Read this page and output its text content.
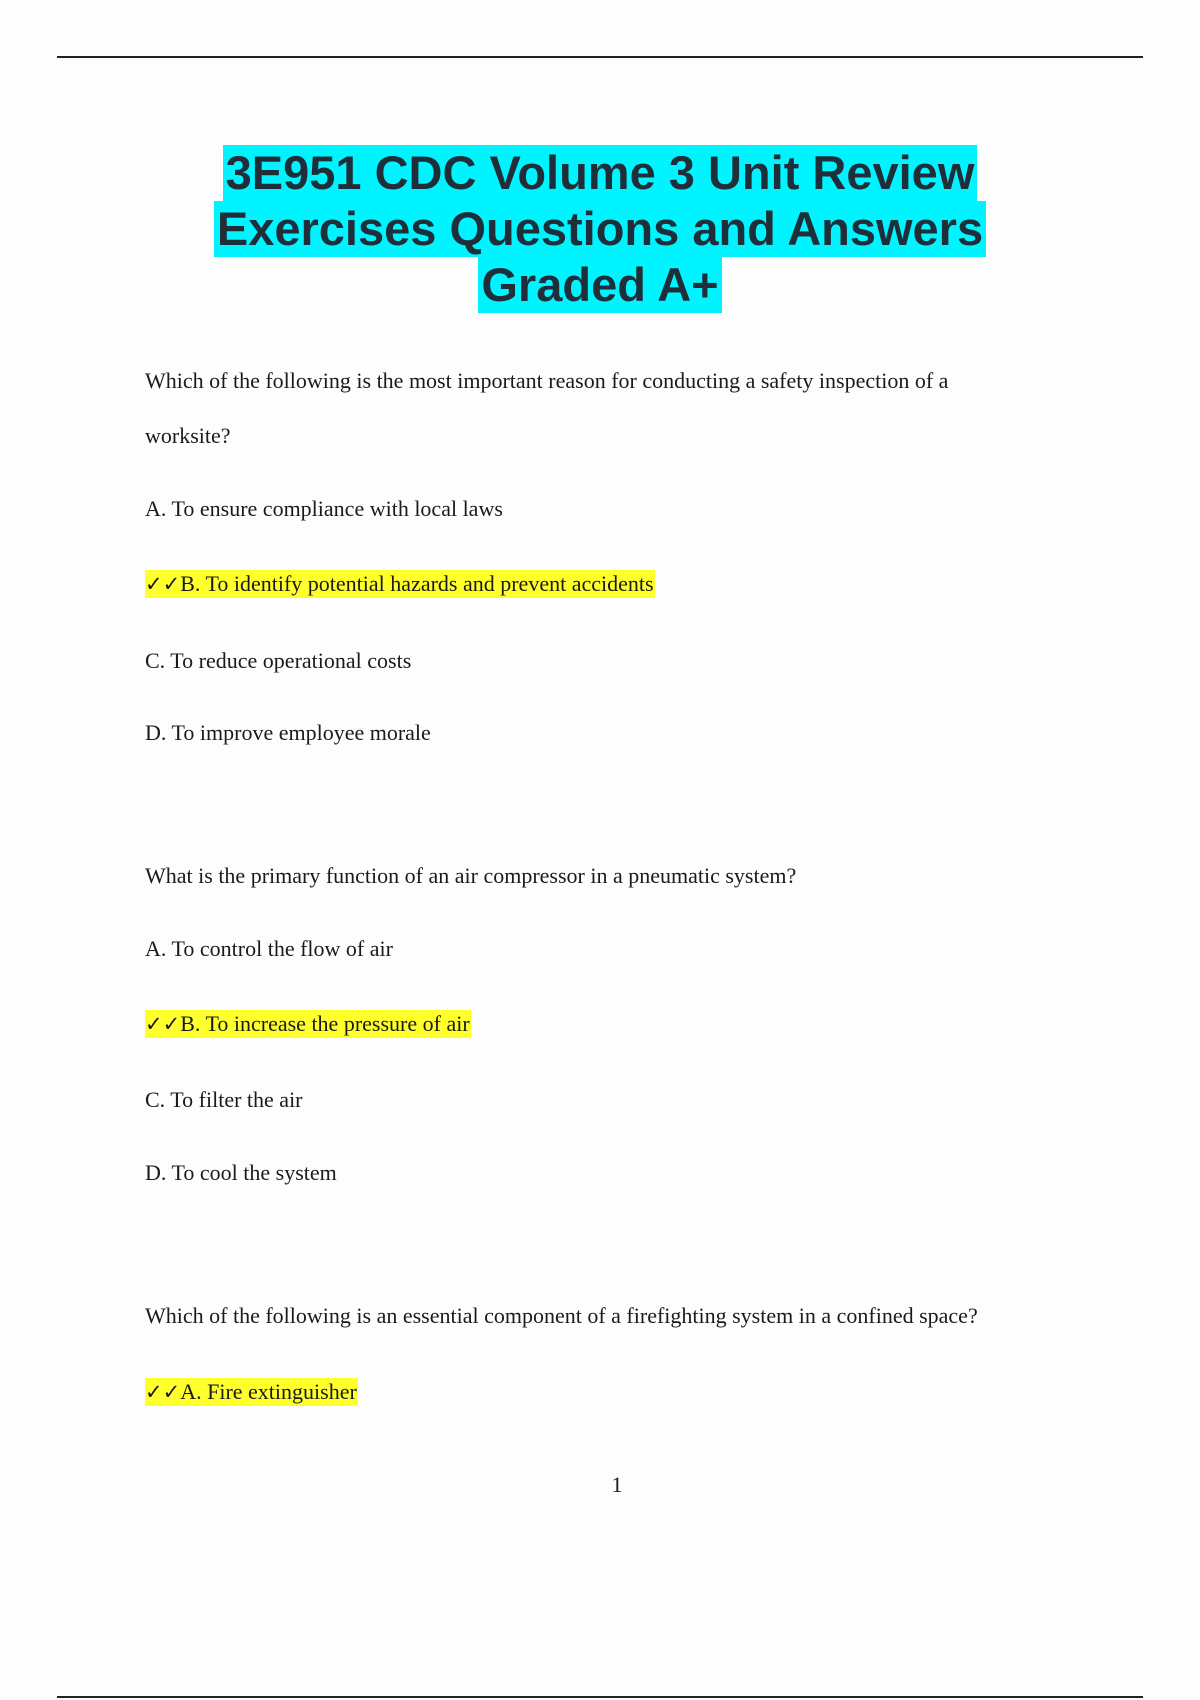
3E951 CDC Volume 3 Unit Review
Exercises Questions and Answers
Graded A+
Which of the following is the most important reason for conducting a safety inspection of a
worksite?
A. To ensure compliance with local laws
✓✓B. To identify potential hazards and prevent accidents
C. To reduce operational costs
D. To improve employee morale
What is the primary function of an air compressor in a pneumatic system?
A. To control the flow of air
✓✓B. To increase the pressure of air
C. To filter the air
D. To cool the system
Which of the following is an essential component of a firefighting system in a confined space?
✓✓A. Fire extinguisher
1
